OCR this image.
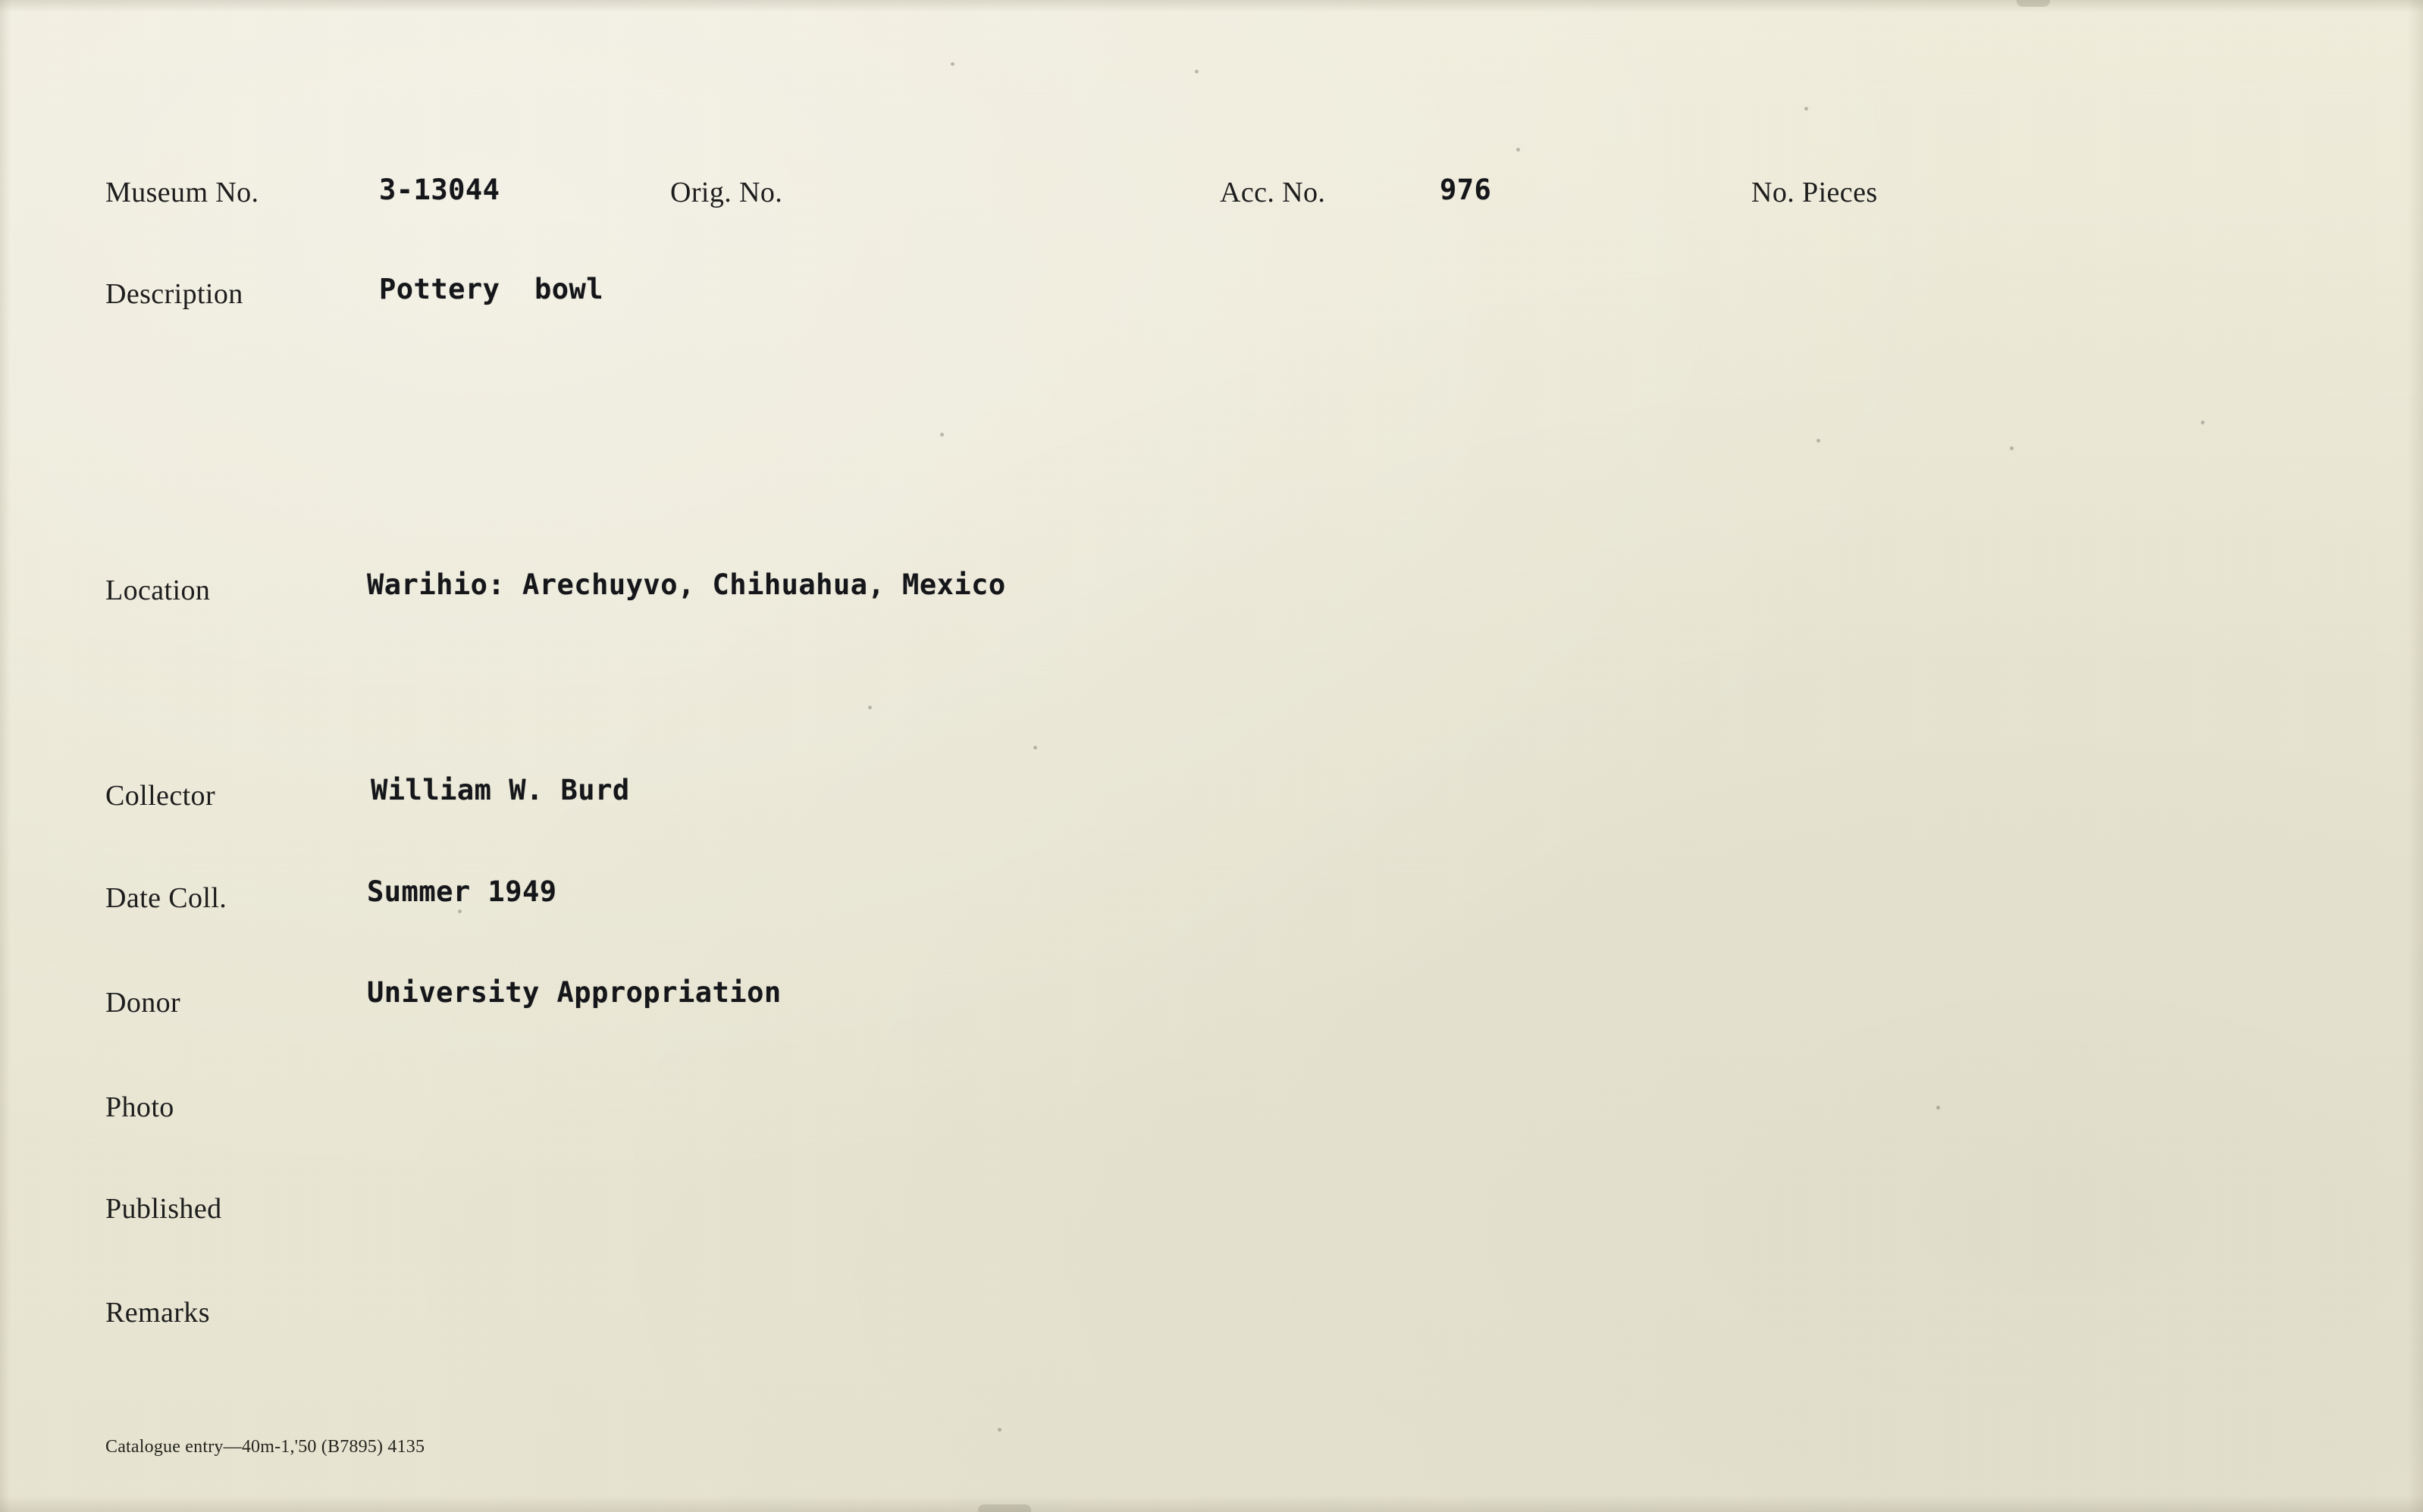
Museum No.	3-13044	Orig. No.	Acc. No.	976	No. Pieces
Description	Pottery  bowl
Location	Warihio: Arechuyvo, Chihuahua, Mexico
Collector	William W. Burd
Date Coll.	Summer 1949
Donor	University Appropriation
Photo
Published
Remarks
Catalogue entry—40m-1,'50 (B7895) 4135
